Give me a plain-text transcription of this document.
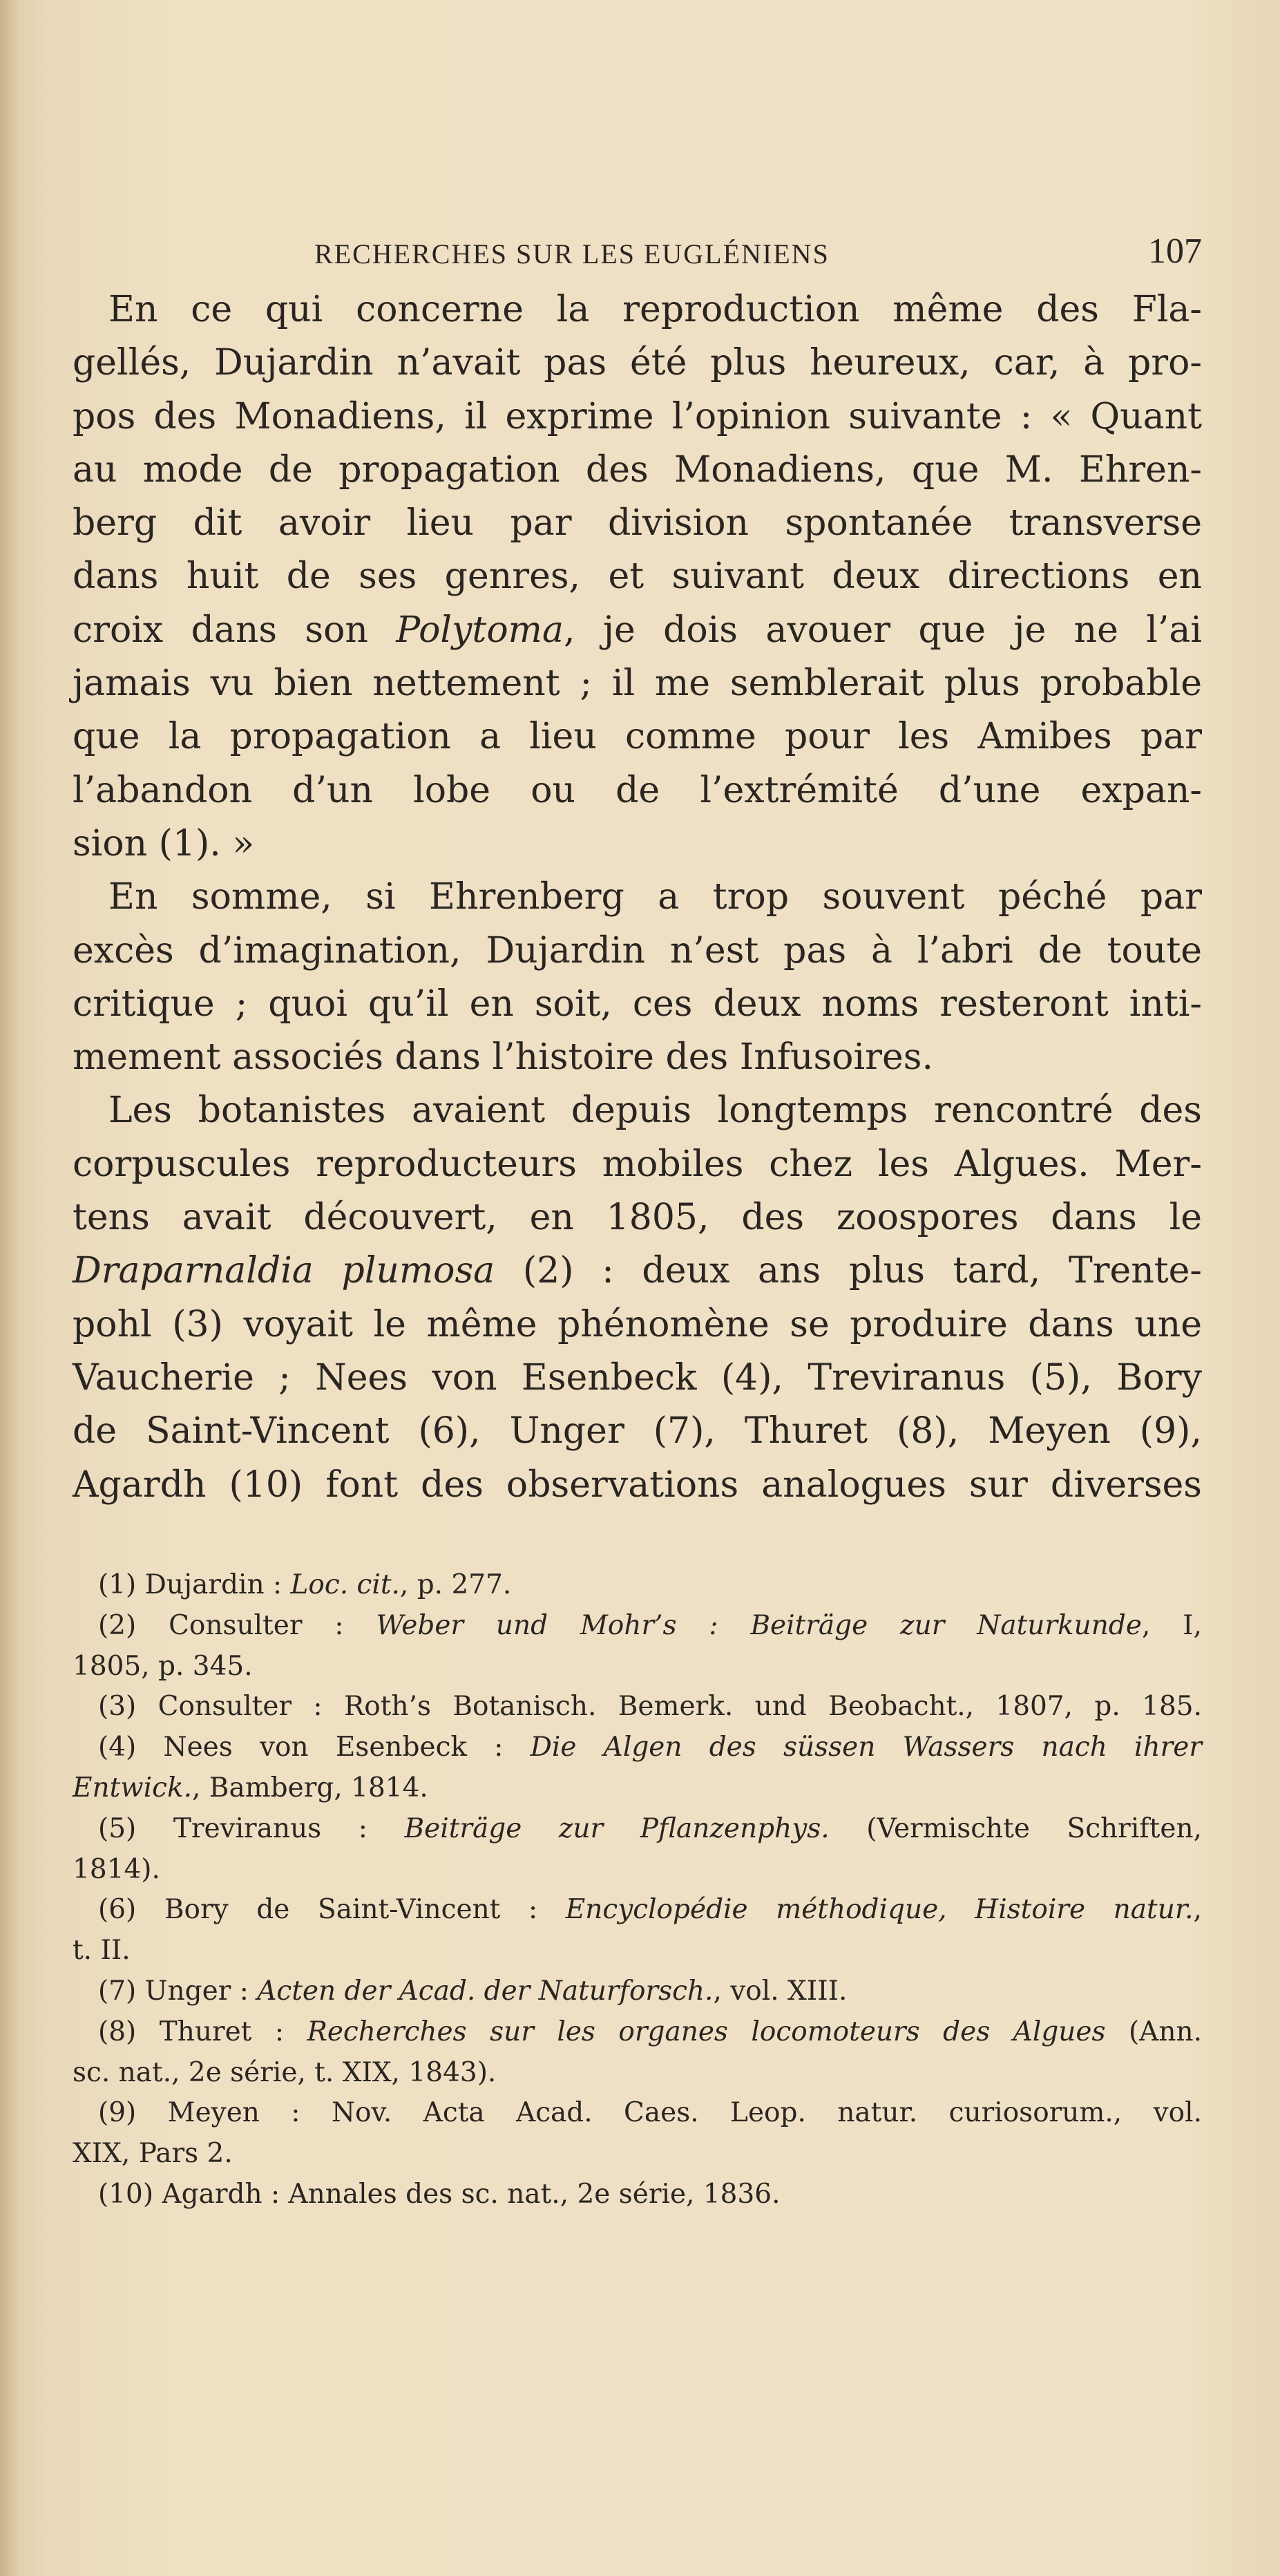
RECHERCHES SUR LES EUGLÉNIENS	107
En ce qui concerne la reproduction même des Fla-
gellés, Dujardin n’avait pas été plus heureux, car, à pro-
pos des Monadiens, il exprime l’opinion suivante : « Quant
au mode de propagation des Monadiens, que M. Ehren-
berg dit avoir lieu par division spontanée transverse
dans huit de ses genres, et suivant deux directions en
croix dans son Polytoma, je dois avouer que je ne l’ai
jamais vu bien nettement ; il me semblerait plus probable
que la propagation a lieu comme pour les Amibes par
l’abandon d’un lobe ou de l’extrémité d’une expan-
sion (1). »
En somme, si Ehrenberg a trop souvent péché par
excès d’imagination, Dujardin n’est pas à l’abri de toute
critique ; quoi qu’il en soit, ces deux noms resteront inti-
mement associés dans l’histoire des Infusoires.
Les botanistes avaient depuis longtemps rencontré des
corpuscules reproducteurs mobiles chez les Algues. Mer-
tens avait découvert, en 1805, des zoospores dans le
Draparnaldia plumosa (2) : deux ans plus tard, Trente-
pohl (3) voyait le même phénomène se produire dans une
Vaucherie ; Nees von Esenbeck (4), Treviranus (5), Bory
de Saint-Vincent (6), Unger (7), Thuret (8), Meyen (9),
Agardh (10) font des observations analogues sur diverses
(1) Dujardin : Loc. cit., p. 277.
(2) Consulter : Weber und Mohr’s : Beiträge zur Naturkunde, I,
1805, p. 345.
(3) Consulter : Roth’s Botanisch. Bemerk. und Beobacht., 1807, p. 185.
(4) Nees von Esenbeck : Die Algen des süssen Wassers nach ihrer
Entwick., Bamberg, 1814.
(5) Treviranus : Beiträge zur Pflanzenphys. (Vermischte Schriften,
1814).
(6) Bory de Saint-Vincent : Encyclopédie méthodique, Histoire natur.,
t. II.
(7) Unger : Acten der Acad. der Naturforsch., vol. XIII.
(8) Thuret : Recherches sur les organes locomoteurs des Algues (Ann.
sc. nat., 2e série, t. XIX, 1843).
(9) Meyen : Nov. Acta Acad. Caes. Leop. natur. curiosorum., vol.
XIX, Pars 2.
(10) Agardh : Annales des sc. nat., 2e série, 1836.
